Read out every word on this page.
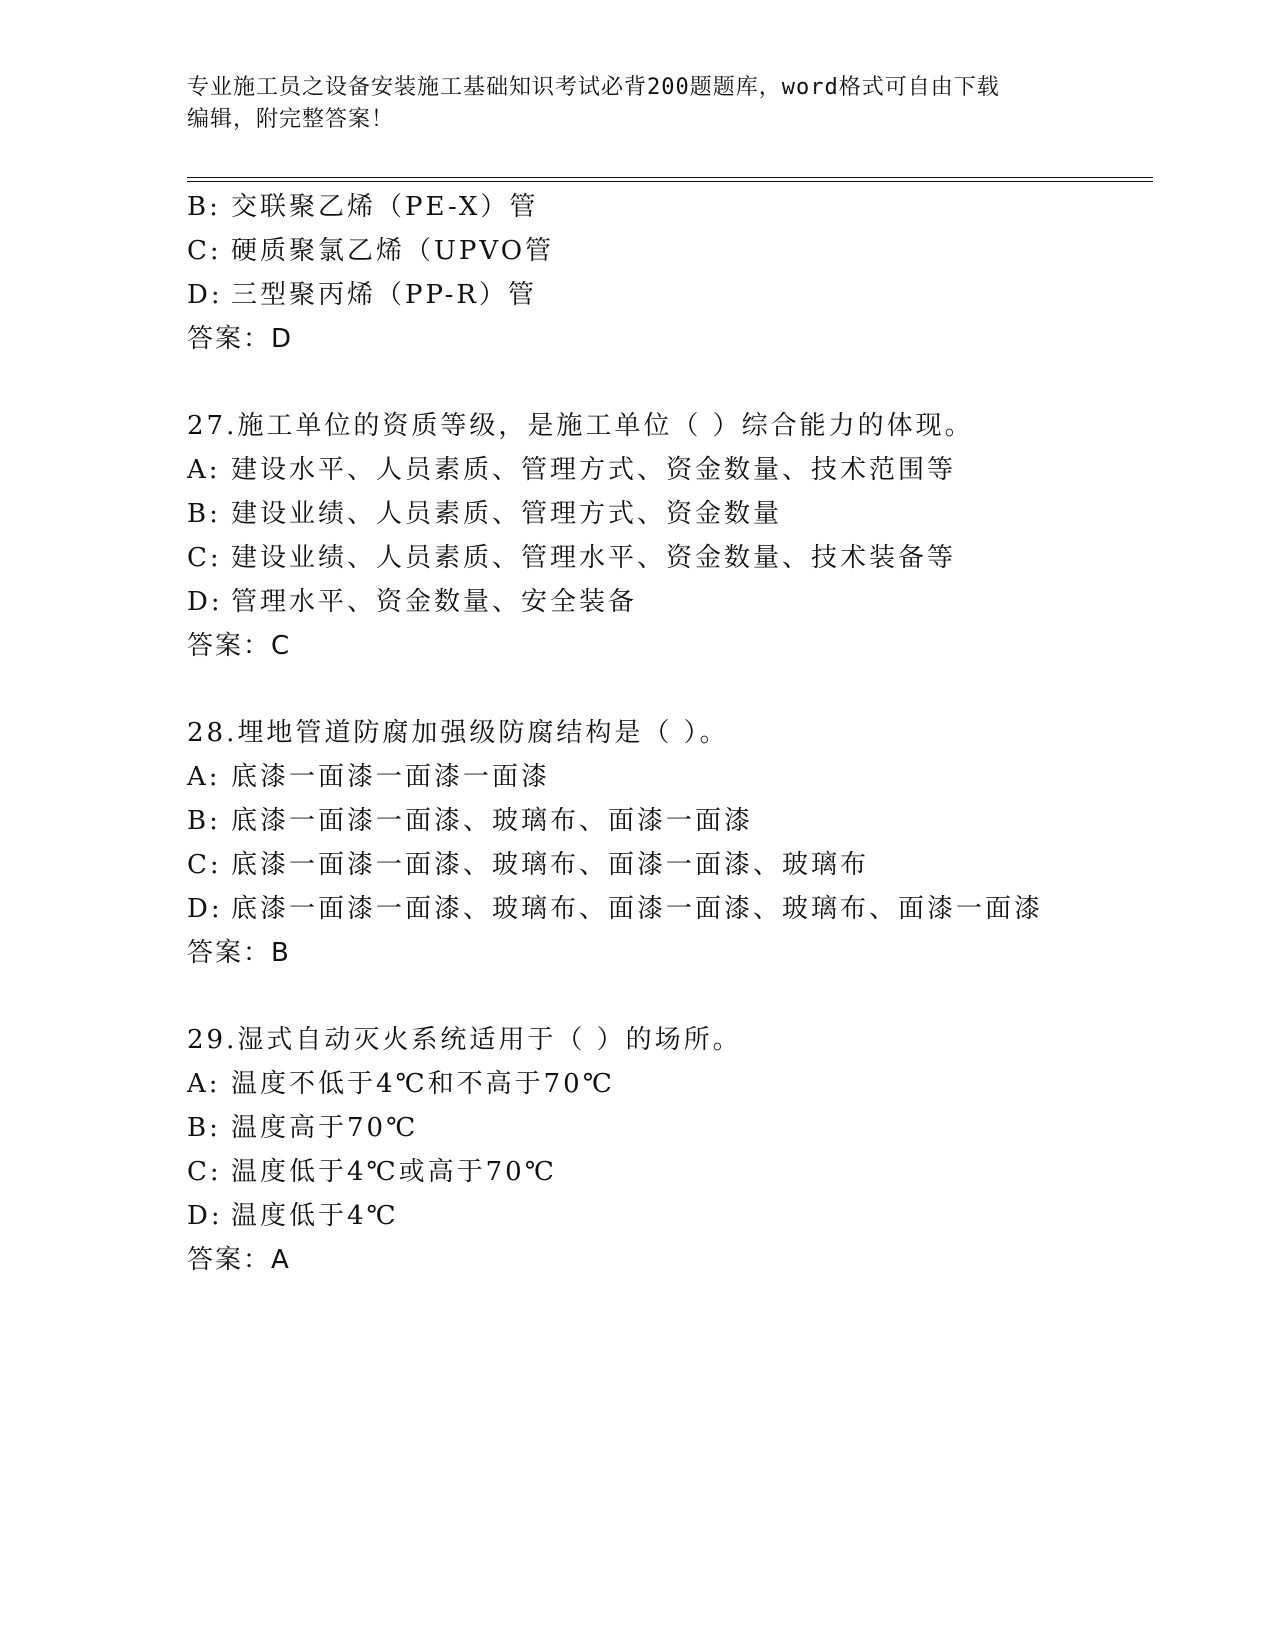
专业施工员之设备安装施工基础知识考试必背200题题库，word格式可自由下载
编辑，附完整答案！
B: 交联聚乙烯（PE-X）管
C: 硬质聚氯乙烯（UPVO管
D: 三型聚丙烯（PP-R）管
答案：D
27.施工单位的资质等级，是施工单位（ ）综合能力的体现。
A: 建设水平、人员素质、管理方式、资金数量、技术范围等
B: 建设业绩、人员素质、管理方式、资金数量
C: 建设业绩、人员素质、管理水平、资金数量、技术装备等
D: 管理水平、资金数量、安全装备
答案：C
28.埋地管道防腐加强级防腐结构是（ ）。
A: 底漆一面漆一面漆一面漆
B: 底漆一面漆一面漆、玻璃布、面漆一面漆
C: 底漆一面漆一面漆、玻璃布、面漆一面漆、玻璃布
D: 底漆一面漆一面漆、玻璃布、面漆一面漆、玻璃布、面漆一面漆
答案：B
29.湿式自动灭火系统适用于（ ）的场所。
A: 温度不低于4℃和不高于70℃
B: 温度高于70℃
C: 温度低于4℃或高于70℃
D: 温度低于4℃
答案：A
